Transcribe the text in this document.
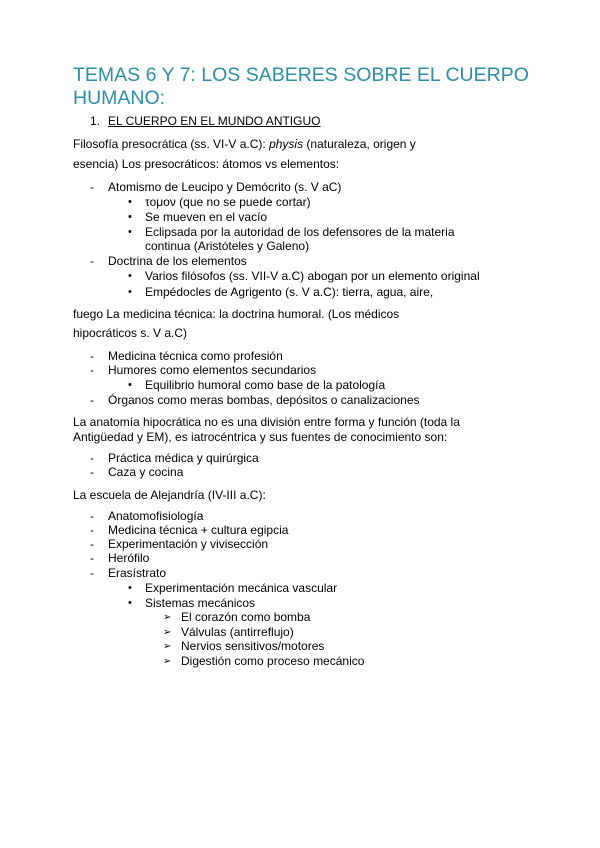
TEMAS 6 Y 7: LOS SABERES SOBRE EL CUERPO HUMANO:
1. EL CUERPO EN EL MUNDO ANTIGUO
Filosofía presocrática (ss. VI-V a.C): physis (naturaleza, origen y
esencia) Los presocráticos: átomos vs elementos:
- Atomismo de Leucipo y Demócrito (s. V aC)
• τομον (que no se puede cortar)
• Se mueven en el vacío
• Eclipsada por la autoridad de los defensores de la materia
continua (Aristóteles y Galeno)
- Doctrina de los elementos
• Varios filósofos (ss. VII-V a.C) abogan por un elemento original
• Empédocles de Agrigento (s. V a.C): tierra, agua, aire,
fuego La medicina técnica: la doctrina humoral. (Los médicos
hipocráticos s. V a.C)
- Medicina técnica como profesión
- Humores como elementos secundarios
• Equilibrio humoral como base de la patología
- Órganos como meras bombas, depósitos o canalizaciones
La anatomía hipocrática no es una división entre forma y función (toda la
Antigüedad y EM), es iatrocéntrica y sus fuentes de conocimiento son:
- Práctica médica y quirúrgica
- Caza y cocina
La escuela de Alejandría (IV-III a.C):
- Anatomofisiología
- Medicina técnica + cultura egipcia
- Experimentación y vivisección
- Herófilo
- Erasístrato
• Experimentación mecánica vascular
• Sistemas mecánicos
➢ El corazón como bomba
➢ Válvulas (antirreflujo)
➢ Nervios sensitivos/motores
➢ Digestión como proceso mecánico
